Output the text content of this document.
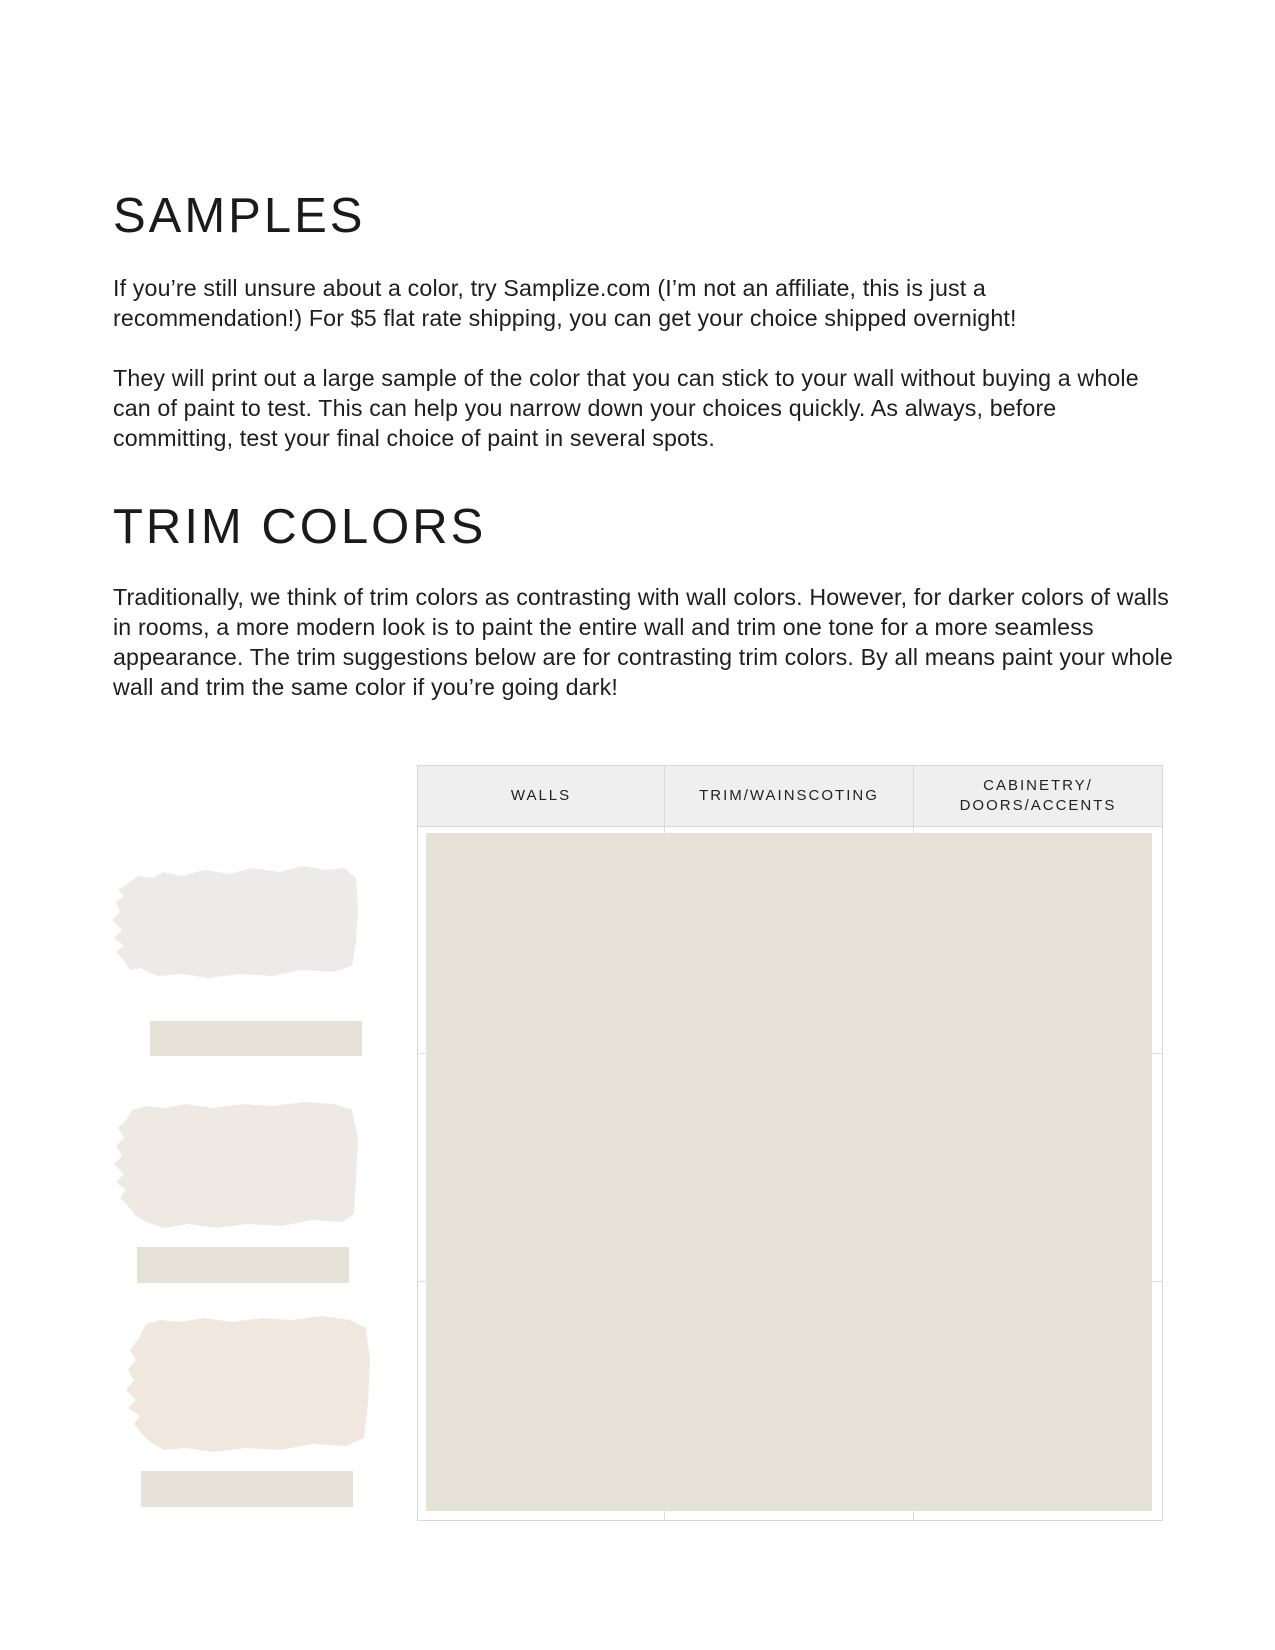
SAMPLES

If you’re still unsure about a color, try Samplize.com (I’m not an affiliate, this is just a recommendation!) For $5 flat rate shipping, you can get your choice shipped overnight!

They will print out a large sample of the color that you can stick to your wall without buying a whole can of paint to test. This can help you narrow down your choices quickly. As always, before committing, test your final choice of paint in several spots.

TRIM COLORS

Traditionally, we think of trim colors as contrasting with wall colors. However, for darker colors of walls in rooms, a more modern look is to paint the entire wall and trim one tone for a more seamless appearance. The trim suggestions below are for contrasting trim colors. By all means paint your whole wall and trim the same color if you’re going dark!

WALLS	TRIM/WAINSCOTING
CABINETRY/
DOORS/ACCENTS
